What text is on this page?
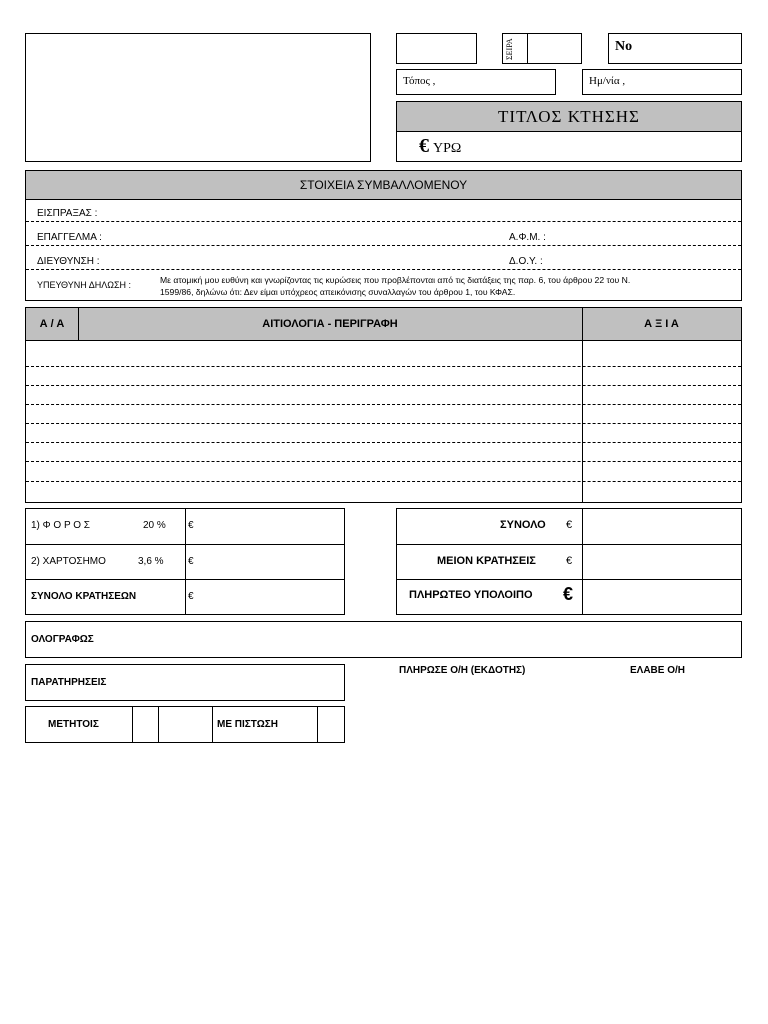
ΣΕΙΡΑ	No
Τόπος ,	Ημ/νία ,
ΤΙΤΛΟΣ ΚΤΗΣΗΣ
€ ΥΡΩ
ΣΤΟΙΧΕΙΑ ΣΥΜΒΑΛΛΟΜΕΝΟΥ
ΕΙΣΠΡΑΞΑΣ :
ΕΠΑΓΓΕΛΜΑ :	Α.Φ.Μ. :
ΔΙΕΥΘΥΝΣΗ :	Δ.Ο.Υ. :
ΥΠΕΥΘΥΝΗ ΔΗΛΩΣΗ :	Με ατομική μου ευθύνη και γνωρίζοντας τις κυρώσεις που προβλέπονται από τις διατάξεις της παρ. 6, του άρθρου 22 του Ν.
1599/86, δηλώνω ότι: Δεν είμαι υπόχρεος απεικόνισης συναλλαγών του άρθρου 1, του ΚΦΑΣ.
Α / Α	ΑΙΤΙΟΛΟΓΙΑ - ΠΕΡΙΓΡΑΦΗ	Α Ξ Ι Α
1) Φ Ο Ρ Ο Σ	20 % €
2) ΧΑΡΤΟΣΗΜΟ	3,6 % €
ΣΥΝΟΛΟ ΚΡΑΤΗΣΕΩΝ	€
ΣΥΝΟΛΟ €
ΜΕΙΟΝ ΚΡΑΤΗΣΕΙΣ	€
ΠΛΗΡΩΤΕΟ ΥΠΟΛΟΙΠΟ €
ΟΛΟΓΡΑΦΩΣ
ΠΑΡΑΤΗΡΗΣΕΙΣ
ΠΛΗΡΩΣΕ Ο/Η (ΕΚΔΟΤΗΣ)	ΕΛΑΒΕ Ο/Η
ΜΕΤΗΤΟΙΣ	ΜΕ ΠΙΣΤΩΣΗ
